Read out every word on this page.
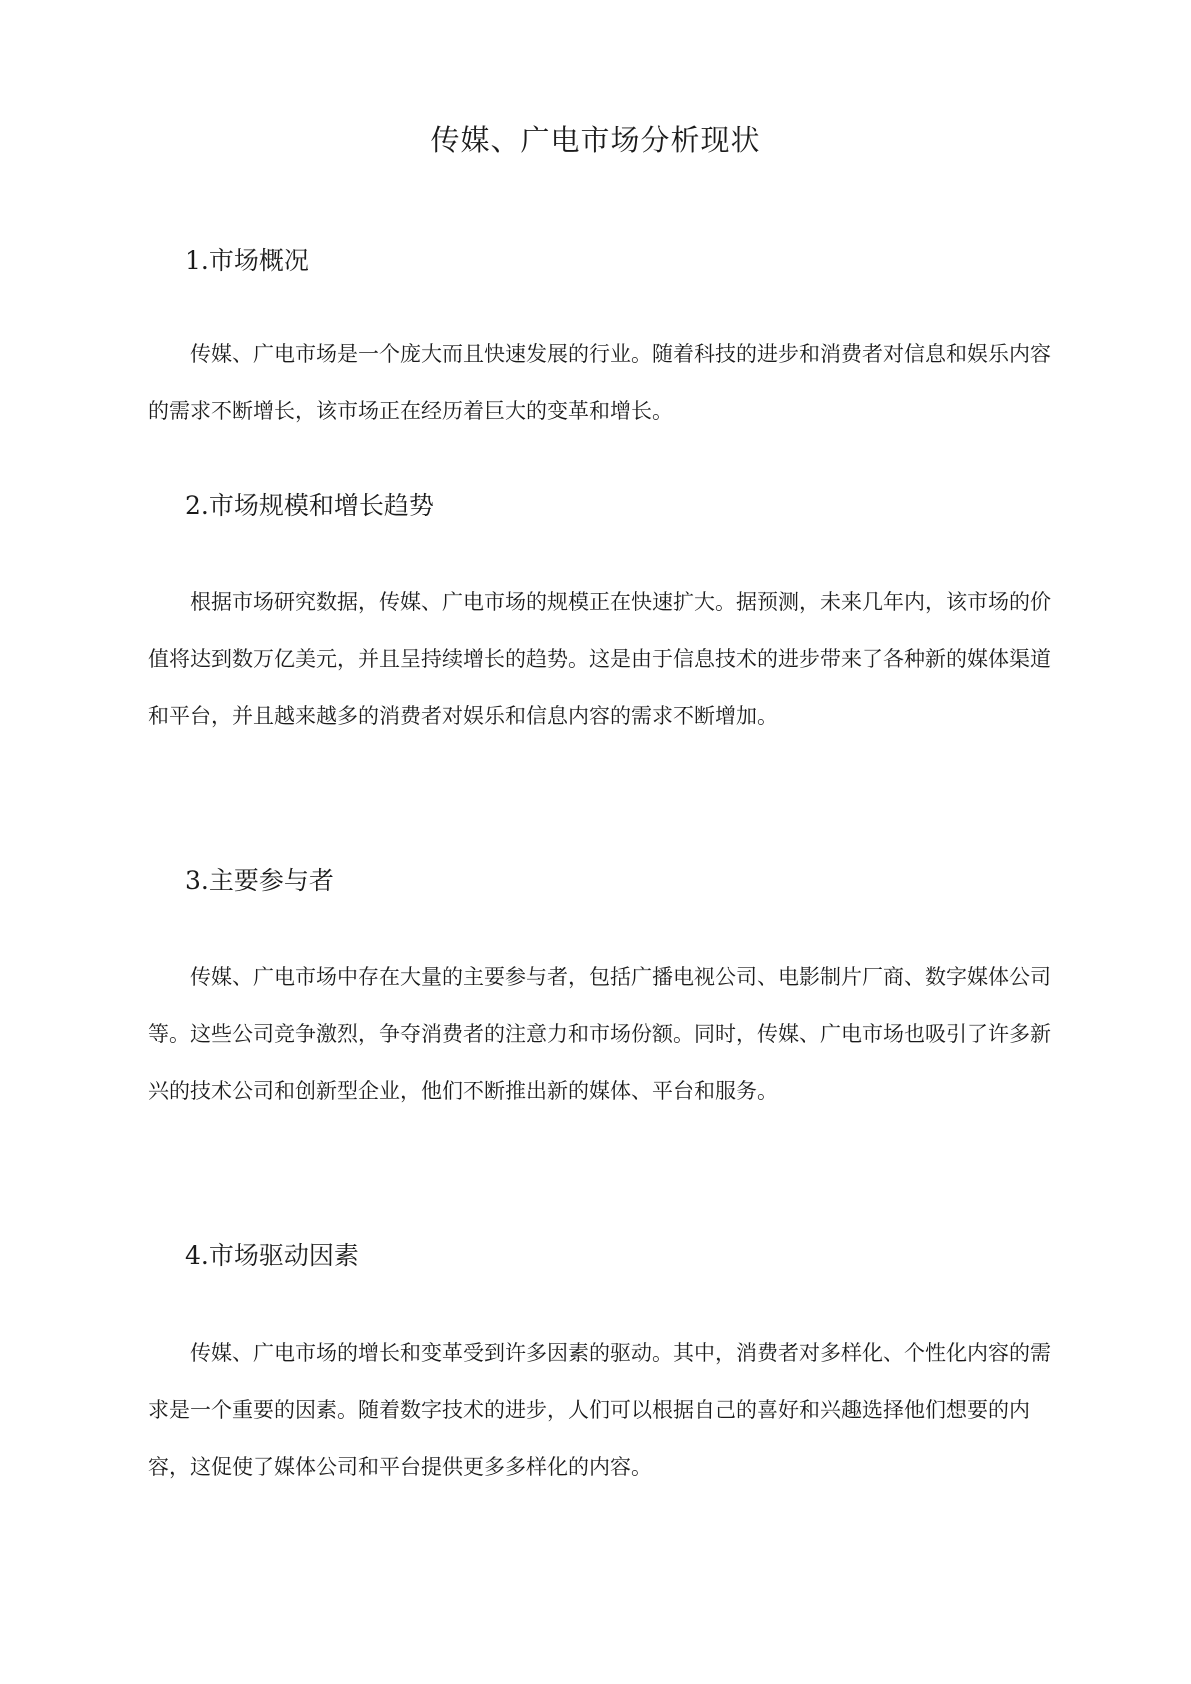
传媒、广电市场分析现状
1.市场概况

传媒、广电市场是一个庞大而且快速发展的行业。随着科技的进步和消费者对信息和娱乐内容的需求不断增长，该市场正在经历着巨大的变革和增长。

2.市场规模和增长趋势

根据市场研究数据，传媒、广电市场的规模正在快速扩大。据预测，未来几年内，该市场的价值将达到数万亿美元，并且呈持续增长的趋势。这是由于信息技术的进步带来了各种新的媒体渠道和平台，并且越来越多的消费者对娱乐和信息内容的需求不断增加。

3.主要参与者

传媒、广电市场中存在大量的主要参与者，包括广播电视公司、电影制片厂商、数字媒体公司等。这些公司竞争激烈，争夺消费者的注意力和市场份额。同时，传媒、广电市场也吸引了许多新兴的技术公司和创新型企业，他们不断推出新的媒体、平台和服务。

4.市场驱动因素

传媒、广电市场的增长和变革受到许多因素的驱动。其中，消费者对多样化、个性化内容的需求是一个重要的因素。随着数字技术的进步，人们可以根据自己的喜好和兴趣选择他们想要的内容，这促使了媒体公司和平台提供更多多样化的内容。
